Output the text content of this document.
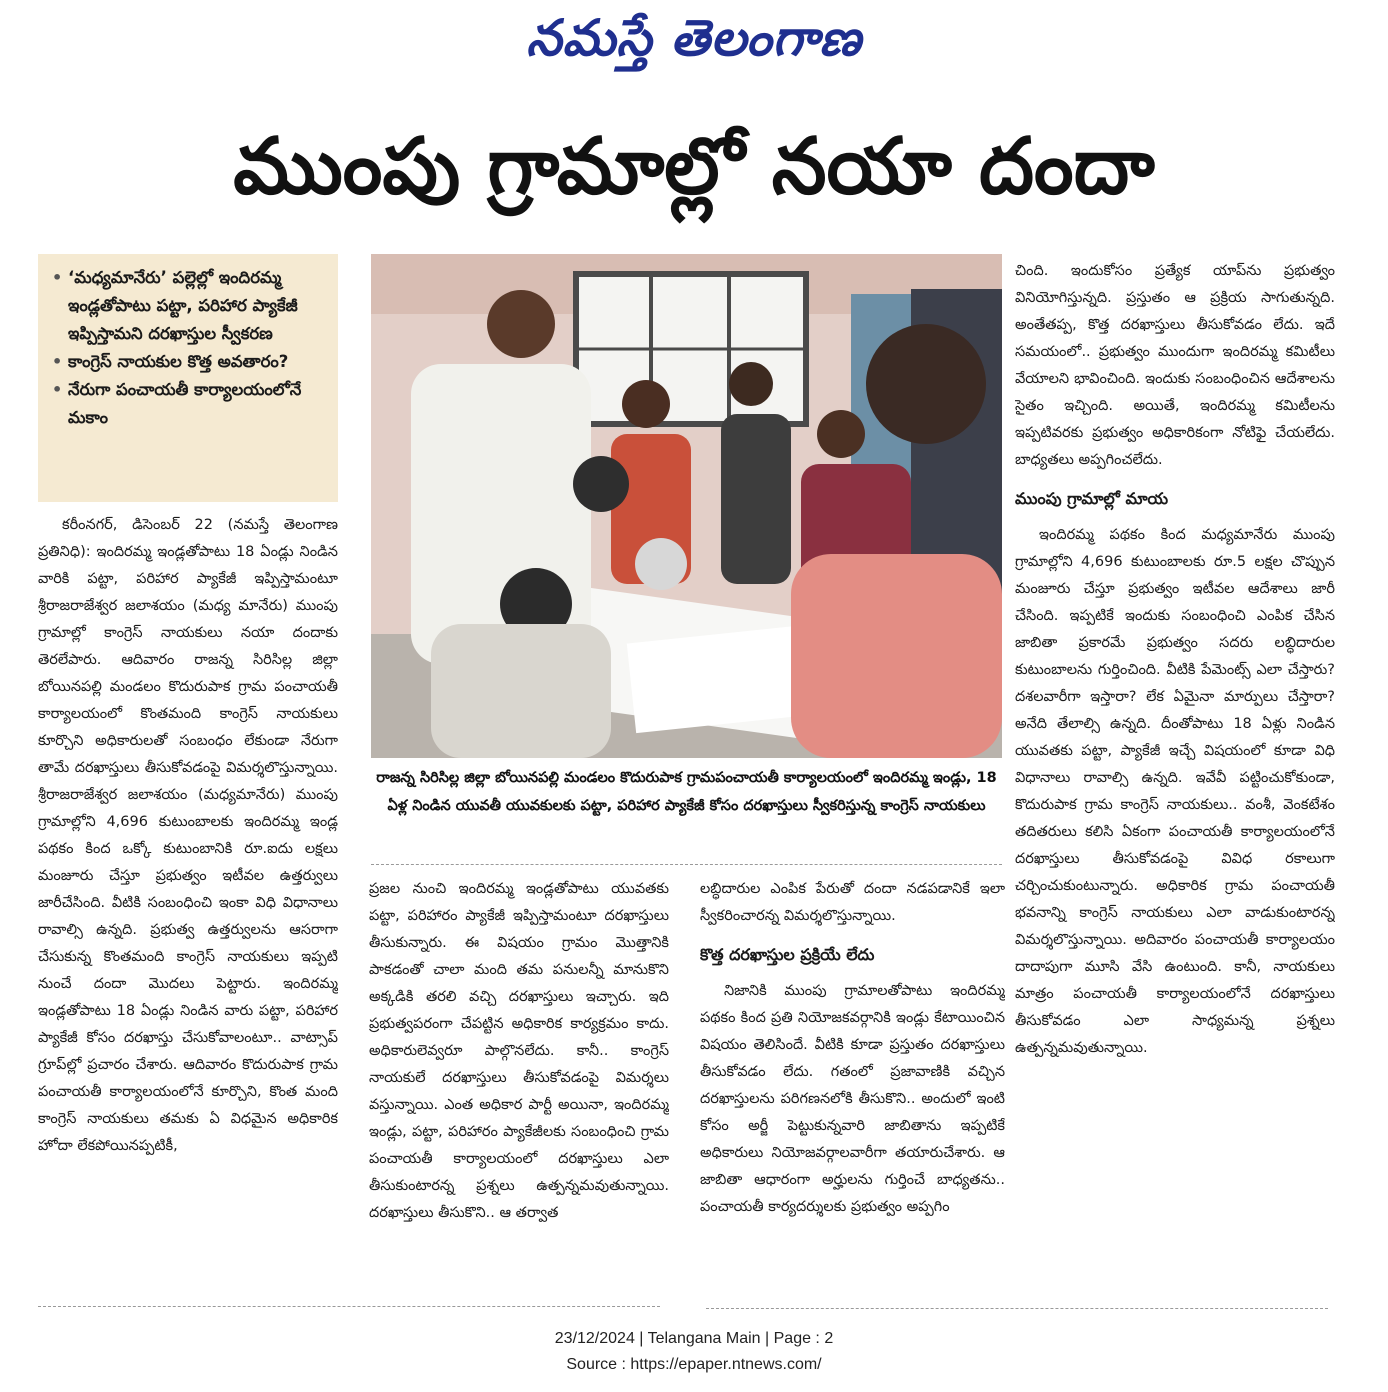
నమస్తే తెలంగాణ
ముంపు గ్రామాల్లో నయా దందా
• ‘మధ్యమానేరు’ పల్లెల్లో ఇందిరమ్మ ఇండ్లతోపాటు పట్టా, పరిహార ప్యాకేజీ ఇప్పిస్తామని దరఖాస్తుల స్వీకరణ
• కాంగ్రెస్‌ నాయకుల కొత్త అవతారం?
• నేరుగా పంచాయతీ కార్యాలయంలోనే మకాం

కరీంనగర్‌, డిసెంబర్‌ 22 (నమస్తే తెలంగాణ ప్రతినిధి): ఇందిరమ్మ ఇండ్లతోపాటు 18 ఏండ్లు నిండిన వారికి పట్టా, పరిహార ప్యాకేజీ ఇప్పిస్తామంటూ శ్రీరాజరాజేశ్వర జలాశయం (మధ్య మానేరు) ముంపు గ్రామాల్లో కాంగ్రెస్‌ నాయకులు నయా దందాకు తెరలేపారు. ఆదివారం రాజన్న సిరిసిల్ల జిల్లా బోయినపల్లి మండలం కొదురుపాక గ్రామ పంచాయతీ కార్యాలయంలో కొంతమంది కాంగ్రెస్‌ నాయకులు కూర్చొని అధికారులతో సంబంధం లేకుండా నేరుగా తామే దరఖాస్తులు తీసుకోవడంపై విమర్శలొస్తున్నాయి. శ్రీరాజరాజేశ్వర జలాశయం (మధ్యమానేరు) ముంపు గ్రామాల్లోని 4,696 కుటుంబాలకు ఇందిరమ్మ ఇండ్ల పథకం కింద ఒక్కో కుటుంబానికి రూ.ఐదు లక్షలు మంజూరు చేస్తూ ప్రభుత్వం ఇటీవల ఉత్తర్వులు జారీచేసింది. వీటికి సంబంధించి ఇంకా విధి విధానాలు రావాల్సి ఉన్నది. ప్రభుత్వ ఉత్తర్వులను ఆసరాగా చేసుకున్న కొంతమంది కాంగ్రెస్‌ నాయకులు ఇప్పటి నుంచే దందా మొదలు పెట్టారు. ఇందిరమ్మ ఇండ్లతోపాటు 18 ఏండ్లు నిండిన వారు పట్టా, పరిహార ప్యాకేజీ కోసం దరఖాస్తు చేసుకోవాలంటూ.. వాట్సాప్‌ గ్రూప్‌ల్లో ప్రచారం చేశారు. ఆదివారం కొదురుపాక గ్రామ పంచాయతీ కార్యాలయంలోనే కూర్చొని, కొంత మంది కాంగ్రెస్‌ నాయకులు తమకు ఏ విధమైన అధికారిక హోదా లేకపోయినప్పటికీ,

రాజన్న సిరిసిల్ల జిల్లా బోయినపల్లి మండలం కొదురుపాక గ్రామపంచాయతీ కార్యాలయంలో ఇందిరమ్మ ఇండ్లు, 18 ఏళ్ల నిండిన యువతీ యువకులకు పట్టా, పరిహార ప్యాకేజీ కోసం దరఖాస్తులు స్వీకరిస్తున్న కాంగ్రెస్‌ నాయకులు

ప్రజల నుంచి ఇందిరమ్మ ఇండ్లతోపాటు యువతకు పట్టా, పరిహారం ప్యాకేజీ ఇప్పిస్తామంటూ దరఖాస్తులు తీసుకున్నారు. ఈ విషయం గ్రామం మొత్తానికి పాకడంతో చాలా మంది తమ పనులన్నీ మానుకొని అక్కడికి తరలి వచ్చి దరఖాస్తులు ఇచ్చారు. ఇది ప్రభుత్వపరంగా చేపట్టిన అధికారిక కార్యక్రమం కాదు. అధికారులెవ్వరూ పాల్గొనలేదు. కానీ.. కాంగ్రెస్‌ నాయకులే దరఖాస్తులు తీసుకోవడంపై విమర్శలు వస్తున్నాయి. ఎంత అధికార పార్టీ అయినా, ఇందిరమ్మ ఇండ్లు, పట్టా, పరిహారం ప్యాకేజీలకు సంబంధించి గ్రామ పంచాయతీ కార్యాలయంలో దరఖాస్తులు ఎలా తీసుకుంటారన్న ప్రశ్నలు ఉత్పన్నమవుతున్నాయి. దరఖాస్తులు తీసుకొని.. ఆ తర్వాత

లబ్ధిదారుల ఎంపిక పేరుతో దందా నడపడానికే ఇలా స్వీకరించారన్న విమర్శలొస్తున్నాయి.

కొత్త దరఖాస్తుల ప్రక్రియే లేదు

నిజానికి ముంపు గ్రామాలతోపాటు ఇందిరమ్మ పథకం కింద ప్రతి నియోజకవర్గానికి ఇండ్లు కేటాయించిన విషయం తెలిసిందే. వీటికి కూడా ప్రస్తుతం దరఖాస్తులు తీసుకోవడం లేదు. గతంలో ప్రజావాణికి వచ్చిన దరఖాస్తులను పరిగణనలోకి తీసుకొని.. అందులో ఇంటి కోసం అర్జీ పెట్టుకున్నవారి జాబితాను ఇప్పటికే అధికారులు నియోజవర్గాలవారీగా తయారుచేశారు. ఆ జాబితా ఆధారంగా అర్హులను గుర్తించే బాధ్యతను.. పంచాయతీ కార్యదర్శులకు ప్రభుత్వం అప్పగిం

చింది. ఇందుకోసం ప్రత్యేక యాప్‌ను ప్రభుత్వం వినియోగిస్తున్నది. ప్రస్తుతం ఆ ప్రక్రియ సాగుతున్నది. అంతేతప్ప, కొత్త దరఖాస్తులు తీసుకోవడం లేదు. ఇదే సమయంలో.. ప్రభుత్వం ముందుగా ఇందిరమ్మ కమిటీలు వేయాలని భావించింది. ఇందుకు సంబంధించిన ఆదేశాలను సైతం ఇచ్చింది. అయితే, ఇందిరమ్మ కమిటీలను ఇప్పటివరకు ప్రభుత్వం అధికారికంగా నోటిఫై చేయలేదు. బాధ్యతలు అప్పగించలేదు.

ముంపు గ్రామాల్లో మాయ

ఇందిరమ్మ పథకం కింద మధ్యమానేరు ముంపు గ్రామాల్లోని 4,696 కుటుంబాలకు రూ.5 లక్షల చొప్పున మంజూరు చేస్తూ ప్రభుత్వం ఇటీవల ఆదేశాలు జారీ చేసింది. ఇప్పటికే ఇందుకు సంబంధించి ఎంపిక చేసిన జాబితా ప్రకారమే ప్రభుత్వం సదరు లబ్ధిదారుల కుటుంబాలను గుర్తించింది. వీటికి పేమెంట్స్‌ ఎలా చేస్తారు? దశలవారీగా ఇస్తారా? లేక ఏమైనా మార్పులు చేస్తారా? అనేది తేలాల్సి ఉన్నది. దీంతోపాటు 18 ఏళ్లు నిండిన యువతకు పట్టా, ప్యాకేజీ ఇచ్చే విషయంలో కూడా విధి విధానాలు రావాల్సి ఉన్నది. ఇవేవీ పట్టించుకోకుండా, కొదురుపాక గ్రామ కాంగ్రెస్‌ నాయకులు.. వంశీ, వెంకటేశం తదితరులు కలిసి ఏకంగా పంచాయతీ కార్యాలయంలోనే దరఖాస్తులు తీసుకోవడంపై వివిధ రకాలుగా చర్చించుకుంటున్నారు. అధికారిక గ్రామ పంచాయతీ భవనాన్ని కాంగ్రెస్‌ నాయకులు ఎలా వాడుకుంటారన్న విమర్శలొస్తున్నాయి. అదివారం పంచాయతీ కార్యాలయం దాదాపుగా మూసి వేసి ఉంటుంది. కానీ, నాయకులు మాత్రం పంచాయతీ కార్యాలయంలోనే దరఖాస్తులు తీసుకోవడం ఎలా సాధ్యమన్న ప్రశ్నలు ఉత్పన్నమవుతున్నాయి.

23/12/2024 | Telangana Main | Page : 2
Source : https://epaper.ntnews.com/
